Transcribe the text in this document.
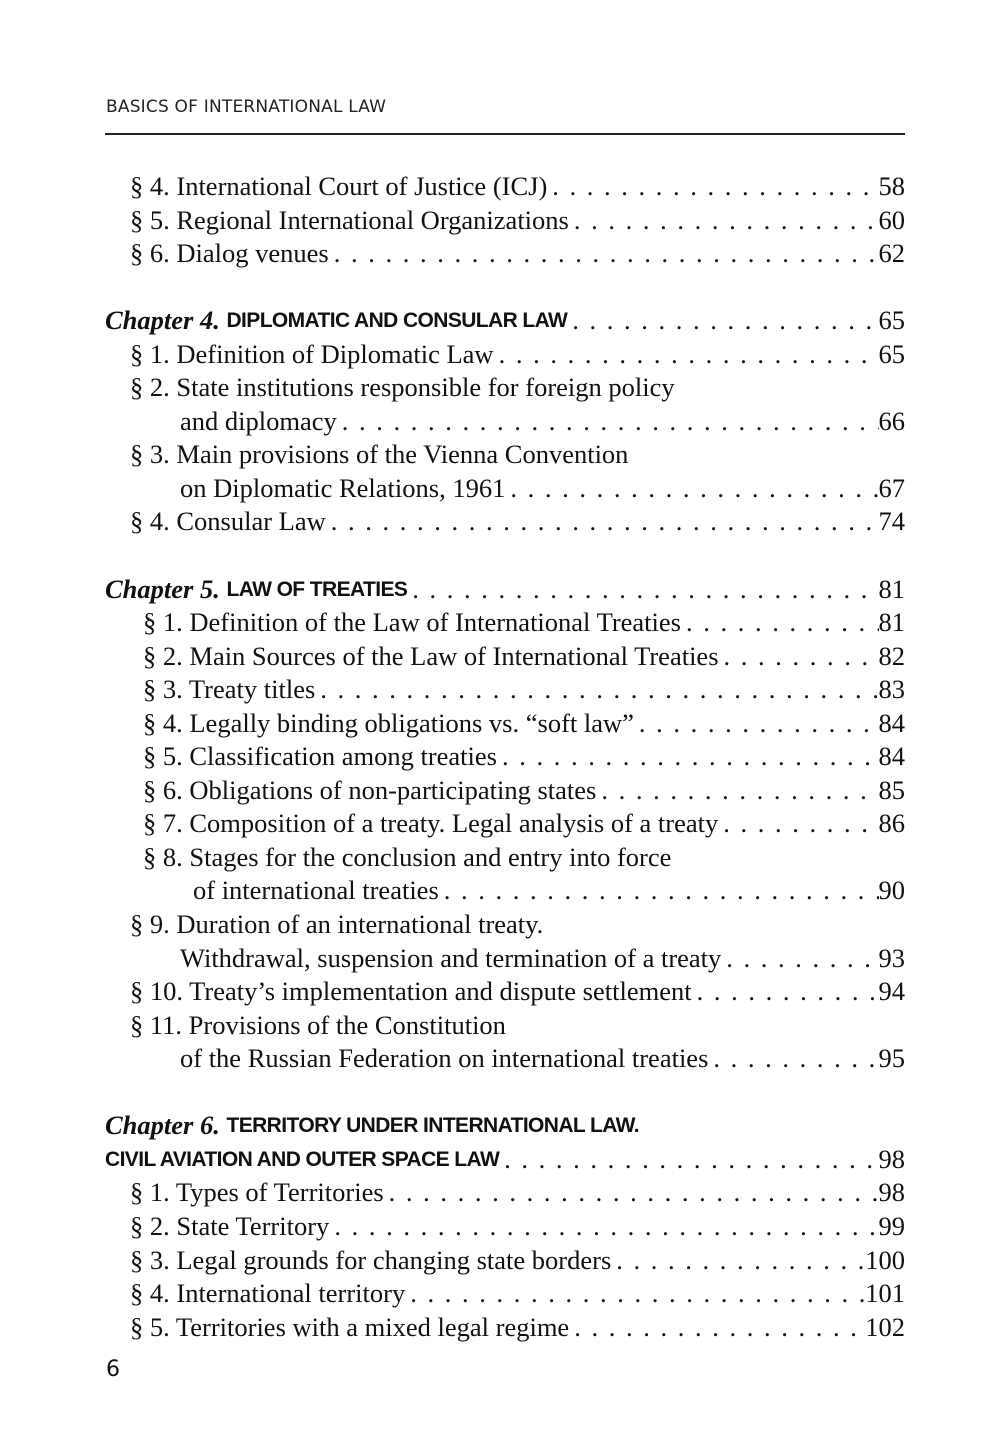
BASICS OF INTERNATIONAL LAW
§ 4. International Court of Justice (ICJ) . . .	58
§ 5. Regional International Organizations . . .	60
§ 6. Dialog venues . . .	62
Chapter 4.
DIPLOMATIC AND CONSULAR LAW . . .	65
§ 1. Definition of Diplomatic Law . . .	65
§ 2. State institutions responsible for foreign policy
and diplomacy . . .	66
§ 3. Main provisions of the Vienna Convention
on Diplomatic Relations, 1961 . . .	67
§ 4. Consular Law . . .	74
Chapter 5.
LAW OF TREATIES . . .	81
§ 1. Definition of the Law of International Treaties . . .	81
§ 2. Main Sources of the Law of International Treaties . . .	82
§ 3. Treaty titles . . .	83
§ 4. Legally binding obligations vs. “soft law” . . .	84
§ 5. Classification among treaties . . .	84
§ 6. Obligations of non-participating states . . .	85
§ 7. Composition of a treaty. Legal analysis of a treaty . . .	86
§ 8. Stages for the conclusion and entry into force
of international treaties . . .	90
§ 9. Duration of an international treaty.
Withdrawal, suspension and termination of a treaty . . .	93
§ 10. Treaty’s implementation and dispute settlement . . .	94
§ 11. Provisions of the Constitution
of the Russian Federation on international treaties . . .	95
Chapter 6.
TERRITORY UNDER INTERNATIONAL LAW.
CIVIL AVIATION AND OUTER SPACE LAW . . .	98
§ 1. Types of Territories . . .	98
§ 2. State Territory . . .	99
§ 3. Legal grounds for changing state borders . . .	100
§ 4. International territory . . .	101
§ 5. Territories with a mixed legal regime . . .	102
6
